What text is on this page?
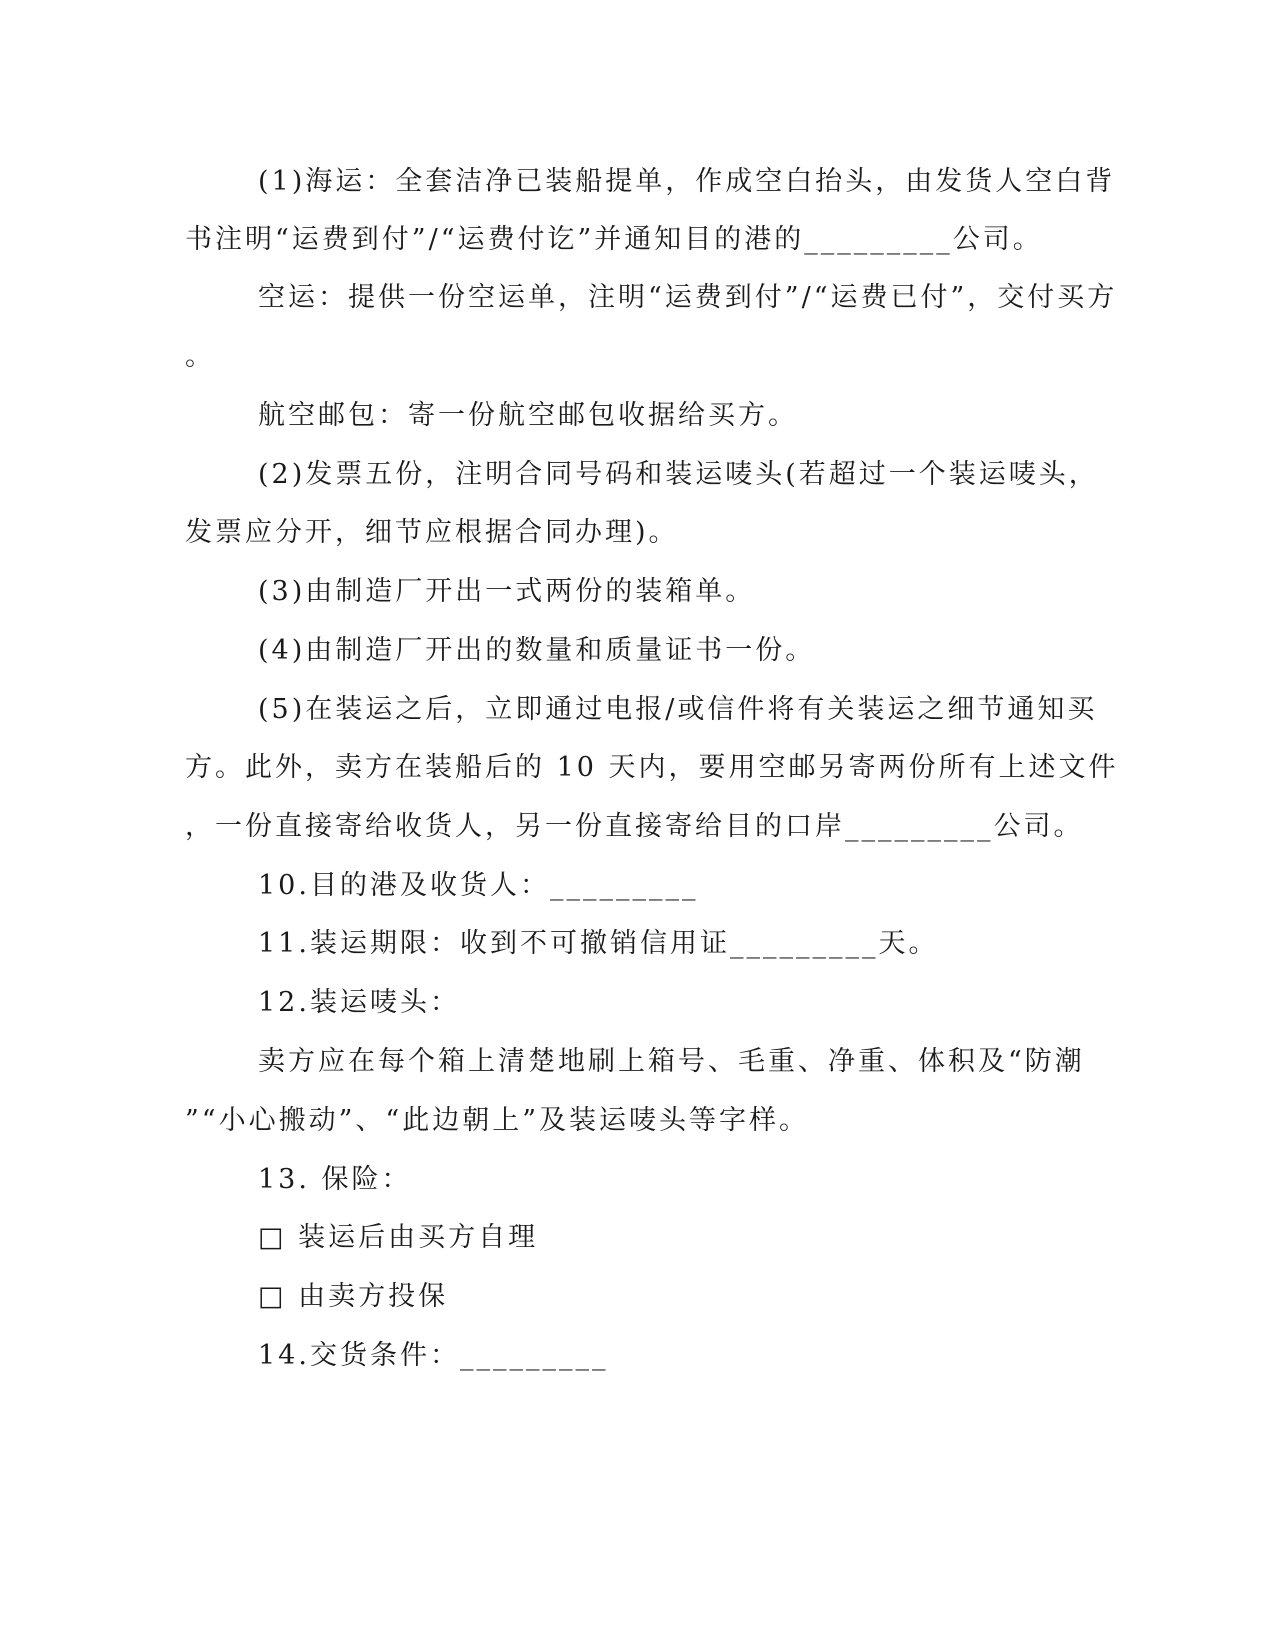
(1)海运：全套洁净已装船提单，作成空白抬头，由发货人空白背
书注明“运费到付”/“运费付讫”并通知目的港的_________公司。
空运：提供一份空运单，注明“运费到付”/“运费已付”，交付买方
。
航空邮包：寄一份航空邮包收据给买方。
(2)发票五份，注明合同号码和装运唛头(若超过一个装运唛头，
发票应分开，细节应根据合同办理)。
(3)由制造厂开出一式两份的装箱单。
(4)由制造厂开出的数量和质量证书一份。
(5)在装运之后，立即通过电报/或信件将有关装运之细节通知买
方。此外，卖方在装船后的 10 天内，要用空邮另寄两份所有上述文件
，一份直接寄给收货人，另一份直接寄给目的口岸_________公司。
10.目的港及收货人：_________
11.装运期限：收到不可撤销信用证_________天。
12.装运唛头：
卖方应在每个箱上清楚地刷上箱号、毛重、净重、体积及“防潮
”“小心搬动”、“此边朝上”及装运唛头等字样。
13. 保险：
□ 装运后由买方自理
□ 由卖方投保
14.交货条件：_________
